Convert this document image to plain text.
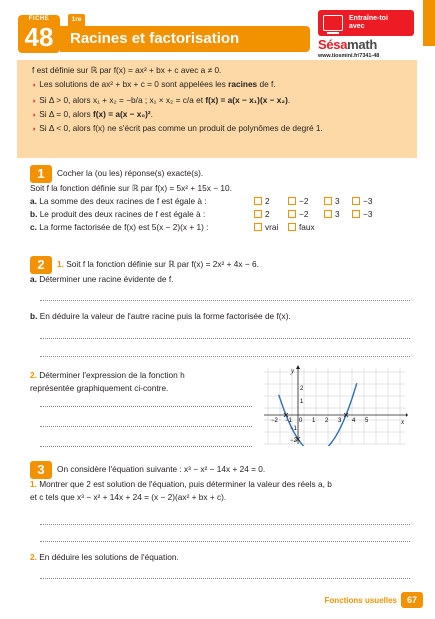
FICHE
48
1re
Racines et factorisation
Entraîne-toi
avec
Sésamath
www.tiosmini.fr/7341-48
f est définie sur ℝ par f(x) = ax² + bx + c avec a ≠ 0.
◗ Les solutions de ax² + bx + c = 0 sont appelées les racines de f.
◗ Si Δ > 0, alors x₁ + x₂ = −b/a ; x₁ × x₂ = c/a et f(x) = a(x − x₁)(x − x₂).
◗ Si Δ = 0, alors f(x) = a(x − x₀)².
◗ Si Δ < 0, alors f(x) ne s'écrit pas comme un produit de polynômes de degré 1.
1 Cocher la (ou les) réponse(s) exacte(s).
Soit f la fonction définie sur ℝ par f(x) = 5x² + 15x − 10.
a. La somme des deux racines de f est égale à :	2	−2	3	−3
b. Le produit des deux racines de f est égale à :	2	−2	3	−3
c. La forme factorisée de f(x) est 5(x − 2)(x + 1) :	vrai	faux
2 1. Soit f la fonction définie sur ℝ par f(x) = 2x² + 4x − 6.
a. Déterminer une racine évidente de f.
b. En déduire la valeur de l'autre racine puis la forme factorisée de f(x).
2. Déterminer l'expression de la fonction h
représentée graphiquement ci-contre.
x
y
0
−2 −1	1 2 3 4 5
2
1
−1
−2
3 On considère l'équation suivante : x³ − x² − 14x + 24 = 0.
1. Montrer que 2 est solution de l'équation, puis déterminer la valeur des réels a, b
et c tels que x³ − x² + 14x + 24 = (x − 2)(ax² + bx + c).
2. En déduire les solutions de l'équation.
Fonctions usuelles	67
